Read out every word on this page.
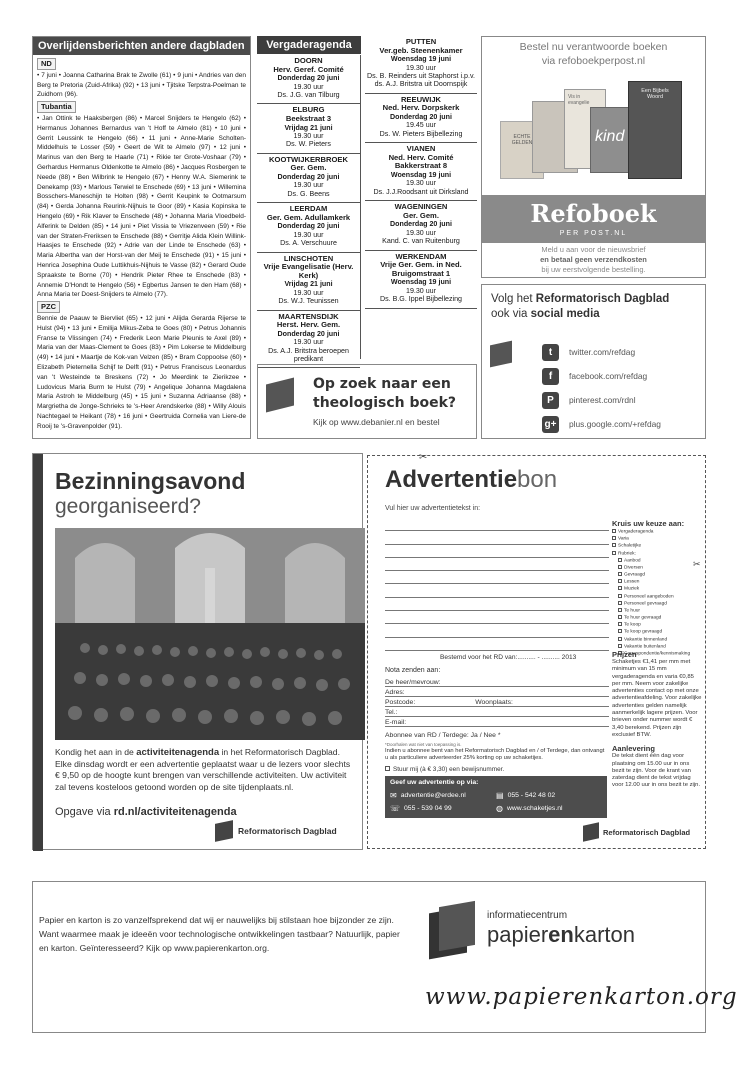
Overlijdensberichten andere dagbladen
ND
• 7 juni • Joanna Catharina Brak te Zwolle (61) • 9 juni • Andries van den Berg te Pretoria (Zuid-Afrika) (92) • 13 juni • Tjitske Terpstra-Poelman te Zuidhorn (96).
Tubantia
• Jan Ottink te Haaksbergen (86) • Marcel Snijders te Hengelo (62) • Hermanus Johannes Bernardus van 't Hoff te Almelo (81) • 10 juni • Gerrit Leussink te Hengelo (66) • 11 juni • Anne-Marie Scholten-Middelhuis te Losser (59) • Geert de Wit te Almelo (97) • 12 juni • Marinus van den Berg te Haarle (71) • Rikie ter Grote-Voshaar (79) • Gerhardus Hermanus Oldenkotte te Almelo (86) • Jacques Rosbergen te Neede (88) • Ben Wilbrink te Hengelo (67) • Henny W.A. Siemerink te Denekamp (93) • Marlous Terwiel te Enschede (69) • 13 juni • Willemina Bosschers-Maneschijn te Holten (98) • Gerrit Keupink te Ootmarsum (84) • Gerda Johanna Reurink-Nijhuis te Goor (89) • Kasia Kopinska te Hengelo (69) • Rik Klaver te Enschede (48) • Johanna Maria Vloedbeld-Alferink te Delden (85) • 14 juni • Piet Vissia te Vriezenveen (59) • Rie van der Straten-Freriksen te Enschede (88) • Gerritje Alida Klein Willink-Haasjes te Enschede (92) • Adrie van der Linde te Enschede (63) • Maria Albertha van der Horst-van der Meij te Enschede (91) • 15 juni • Henrica Josephina Oude Luttikhuis-Nijhuis te Vasse (82) • Gerard Oude Spraakste te Borne (70) • Hendrik Pieter Rhee te Enschede (83) • Annemie D'Hondt te Hengelo (56) • Egbertus Jansen te den Ham (68) • Anna Maria ter Doest-Snijders te Almelo (77).
PZC
Bennie de Paauw te Biervliet (65) • 12 juni • Alijda Gerarda Rijerse te Hulst (94) • 13 juni • Emilija Mikus-Zeba te Goes (80) • Petrus Johannis Franse te Vlissingen (74) • Frederik Leon Marie Pleunis te Axel (89) • Maria van der Maas-Clement te Goes (83) • Pim Lokerse te Middelburg (49) • 14 juni • Maartje de Kok-van Velzen (85) • Bram Coppoolse (60) • Elizabeth Pieternella Schijf te Delft (91) • Petrus Franciscus Leonardus van 't Westeinde te Breskens (72) • Jo Meerdink te Zierikzee • Ludovicus Maria Burm te Hulst (79) • Angelique Johanna Magdalena Maria Astroh te Middelburg (45) • 15 juni • Suzanna Adriaanse (88) • Margrietha de Jonge-Schrieks te 's-Heer Arendskerke (88) • Willy Alouis Nachtegael te Heikant (78) • 16 juni • Geertruida Cornelia van Liere-de Rooij te 's-Gravenpolder (91).
Vergaderagenda
DOORN
Herv. Geref. Comité
Donderdag 20 juni
19.30 uur
Ds. J.G. van Tilburg
ELBURG
Beekstraat 3
Vrijdag 21 juni
19.30 uur
Ds. W. Pieters
KOOTWIJKERBROEK
Ger. Gem.
Donderdag 20 juni
19.30 uur
Ds. G. Beens
LEERDAM
Ger. Gem. Adullamkerk
Donderdag 20 juni
19.30 uur
Ds. A. Verschuure
LINSCHOTEN
Vrije Evangelisatie (Herv. Kerk)
Vrijdag 21 juni
19.30 uur
Ds. W.J. Teunissen
MAARTENSDIJK
Herst. Herv. Gem.
Donderdag 20 juni
19.30 uur
Ds. A.J. Britstra beroepen predikant
PUTTEN
Ver.geb. Steenenkamer
Woensdag 19 juni
19.30 uur
Ds. B. Reinders uit Staphorst i.p.v. ds. A.J. Britstra uit Doornspijk
REEUWIJK
Ned. Herv. Dorpskerk
Donderdag 20 juni
19.45 uur
Ds. W. Pieters Bijbellezing
VIANEN
Ned. Herv. Comité Bakkerstraat 8
Woensdag 19 juni
19.30 uur
Ds. J.J.Roodsant uit Dirksland
WAGENINGEN
Ger. Gem.
Donderdag 20 juni
19.30 uur
Kand. C. van Ruitenburg
WERKENDAM
Vrije Ger. Gem. in Ned. Bruigomstraat 1
Woensdag 19 juni
19.30 uur
Ds. B.G. Ippel Bijbellezing
Bestel nu verantwoorde boeken
via refoboekperpost.nl
ECHTE GELDEN
Vis in evangelie
kind
Een Bijbels Woord
Refoboek
PER POST.NL
Meld u aan voor de nieuwsbrief
en betaal geen verzendkosten
bij uw eerstvolgende bestelling.
Volg het Reformatorisch Dagblad
ook via social media
t	twitter.com/refdag
f	facebook.com/refdag
P	pinterest.com/rdnl
g+	plus.google.com/+refdag
Op zoek naar een
theologisch boek?
Kijk op www.debanier.nl en bestel
Bezinningsavond
georganiseerd?
Kondig het aan in de activiteitenagenda in het Reformatorisch Dagblad. Elke dinsdag wordt er een advertentie geplaatst waar u de lezers voor slechts € 9,50 op de hoogte kunt brengen van verschillende activiteiten. Uw activiteit zal tevens kosteloos getoond worden op de site tijdenplaats.nl.
Opgave via rd.nl/activiteitenagenda
Reformatorisch Dagblad
✂
Advertentiebon
Vul hier uw advertentietekst in:
Kruis uw keuze aan:
Vergaderagenda
Varia
Schaletijke
Rubriek:
Aanbod
Diversen
Gevraagd
Lessen
Muziek
Personeel aangeboden
Personeel gevraagd
Te huur
Te huur gevraagd
Te koop
Te koop gevraagd
Vakantie binnenland
Vakantie buitenland
Correspondentie/kennismaking
✂
Bestemd voor het RD van:.......... - .......... 2013
Nota zenden aan:
De heer/mevrouw:
Adres:
Postcode:	Woonplaats:
Tel.:
E-mail:
Abonnee van RD / Terdege: Ja / Nee *
*Doorhalen wat niet van toepassing is.
Indien u abonnee bent van het Reformatorisch Dagblad en / of Terdege, dan ontvangt u als particuliere adverteerder 25% korting op uw schaketijes.
Stuur mij (à € 3,30) een bewijsnummer.
Geef uw advertentie op via:
✉ advertentie@erdee.nl	▤ 055 - 542 48 02
☏ 055 - 539 04 99	◍ www.schaketjes.nl
Prijzen
Schaketjes €1,41 per mm met minimum van 15 mm vergaderagenda en varia €0,85 per mm. Neem voor zakelijke advertenties contact op met onze advertentieafdeling. Voor zakelijke advertenties gelden namelijk aanmerkelijk lagere prijzen. Voor brieven onder nummer wordt € 3,40 berekend. Prijzen zijn exclusief BTW.
Aanlevering
De tekst dient één dag voor plaatsing om 15.00 uur in ons bezit te zijn. Voor de krant van zaterdag dient de tekst vrijdag voor 12.00 uur in ons bezit te zijn.
Reformatorisch Dagblad
Papier en karton is zo vanzelfsprekend dat wij er nauwelijks bij stilstaan hoe bijzonder ze zijn. Want waarmee maak je ideeën voor technologische ontwikkelingen tastbaar? Natuurlijk, papier en karton. Geïnteresseerd? Kijk op www.papierenkarton.org.
informatiecentrum
papierenkarton
www.papierenkarton.org
